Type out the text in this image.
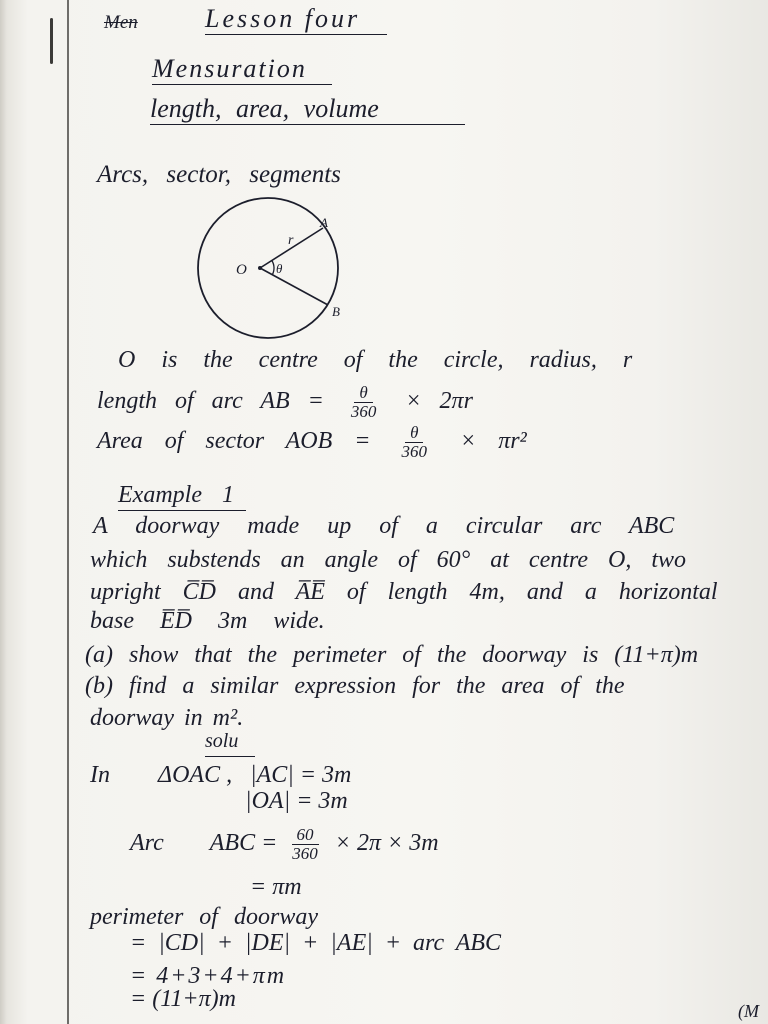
Men	Lesson four
Mensuration
length, area, volume
Arcs, sector, segments
O θ
r
A
B
O is the centre of the circle, radius, r
length of arc AB = $\frac{\theta}{360} \times 2\pi r$
Area of sector AOB = $\frac{\theta}{360} \times \pi r^2$
Example 1
A doorway made up of a circular arc ABC
which substends an angle of 60° at centre O, two
upright C̅D̅ and A̅E̅ of length 4m, and a horizontal
base E̅D̅ 3m wide.
(a) show that the perimeter of the doorway is (11+π)m
(b) find a similar expression for the area of the
doorway in m².
solu
In ΔOAC , |AC| = 3m
|OA| = 3m
Arc ABC = $\frac{60}{360} \times 2\pi \times 3m$
= πm
perimeter of doorway
= |CD| + |DE| + |AE| + arc ABC
= 4+3+4+πm
= (11+π)m	(M
